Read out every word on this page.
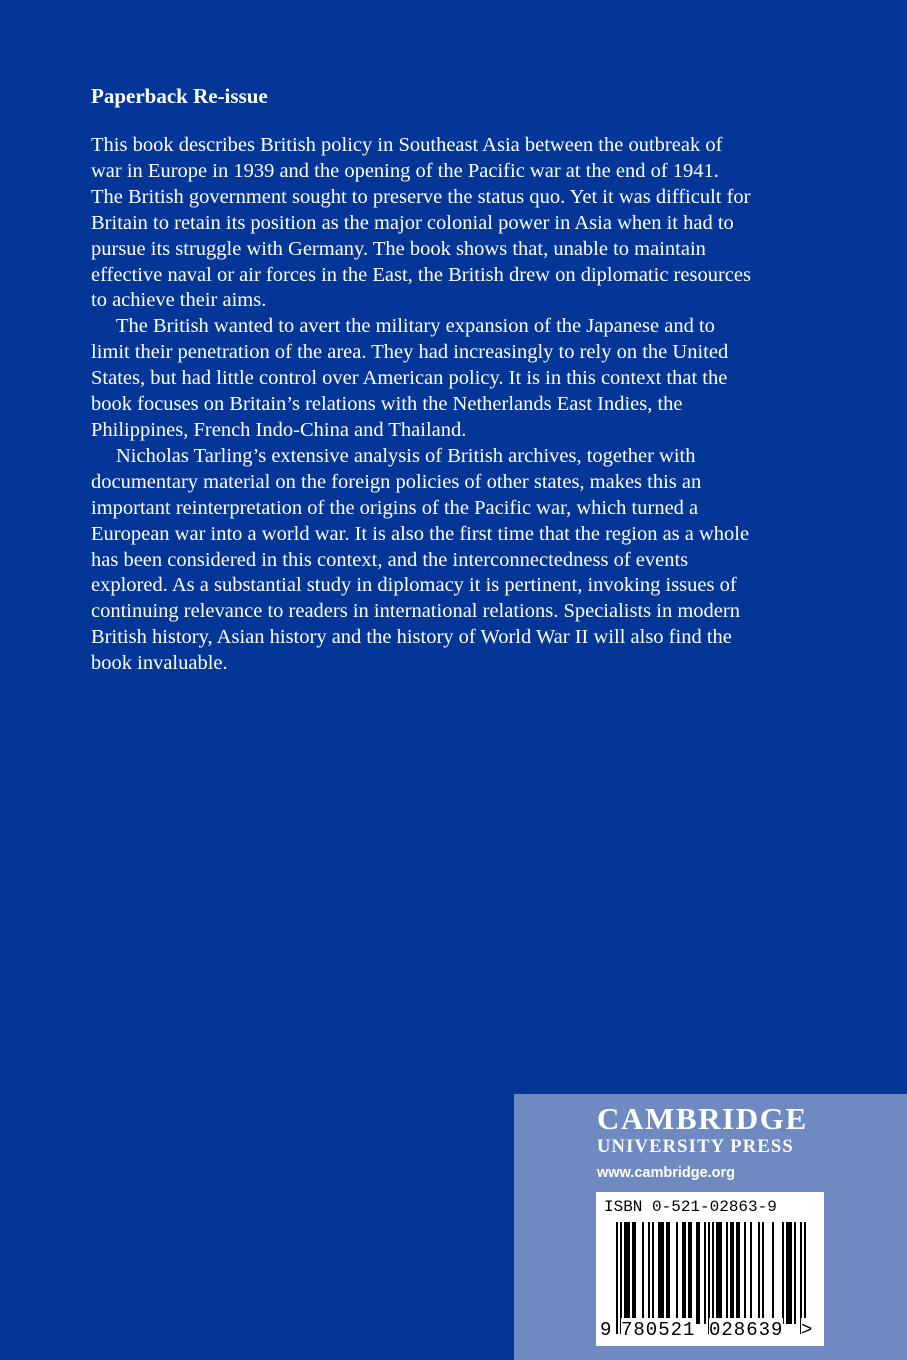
Paperback Re-issue

This book describes British policy in Southeast Asia between the outbreak of
war in Europe in 1939 and the opening of the Pacific war at the end of 1941.
The British government sought to preserve the status quo. Yet it was difficult for
Britain to retain its position as the major colonial power in Asia when it had to
pursue its struggle with Germany. The book shows that, unable to maintain
effective naval or air forces in the East, the British drew on diplomatic resources
to achieve their aims.

The British wanted to avert the military expansion of the Japanese and to
limit their penetration of the area. They had increasingly to rely on the United
States, but had little control over American policy. It is in this context that the
book focuses on Britain’s relations with the Netherlands East Indies, the
Philippines, French Indo-China and Thailand.

Nicholas Tarling’s extensive analysis of British archives, together with
documentary material on the foreign policies of other states, makes this an
important reinterpretation of the origins of the Pacific war, which turned a
European war into a world war. It is also the first time that the region as a whole
has been considered in this context, and the interconnectedness of events
explored. As a substantial study in diplomacy it is pertinent, invoking issues of
continuing relevance to readers in international relations. Specialists in modern
British history, Asian history and the history of World War II will also find the
book invaluable.

CAMBRIDGE
UNIVERSITY PRESS
www.cambridge.org
ISBN 0-521-02863-9
9 780521 028639 >
